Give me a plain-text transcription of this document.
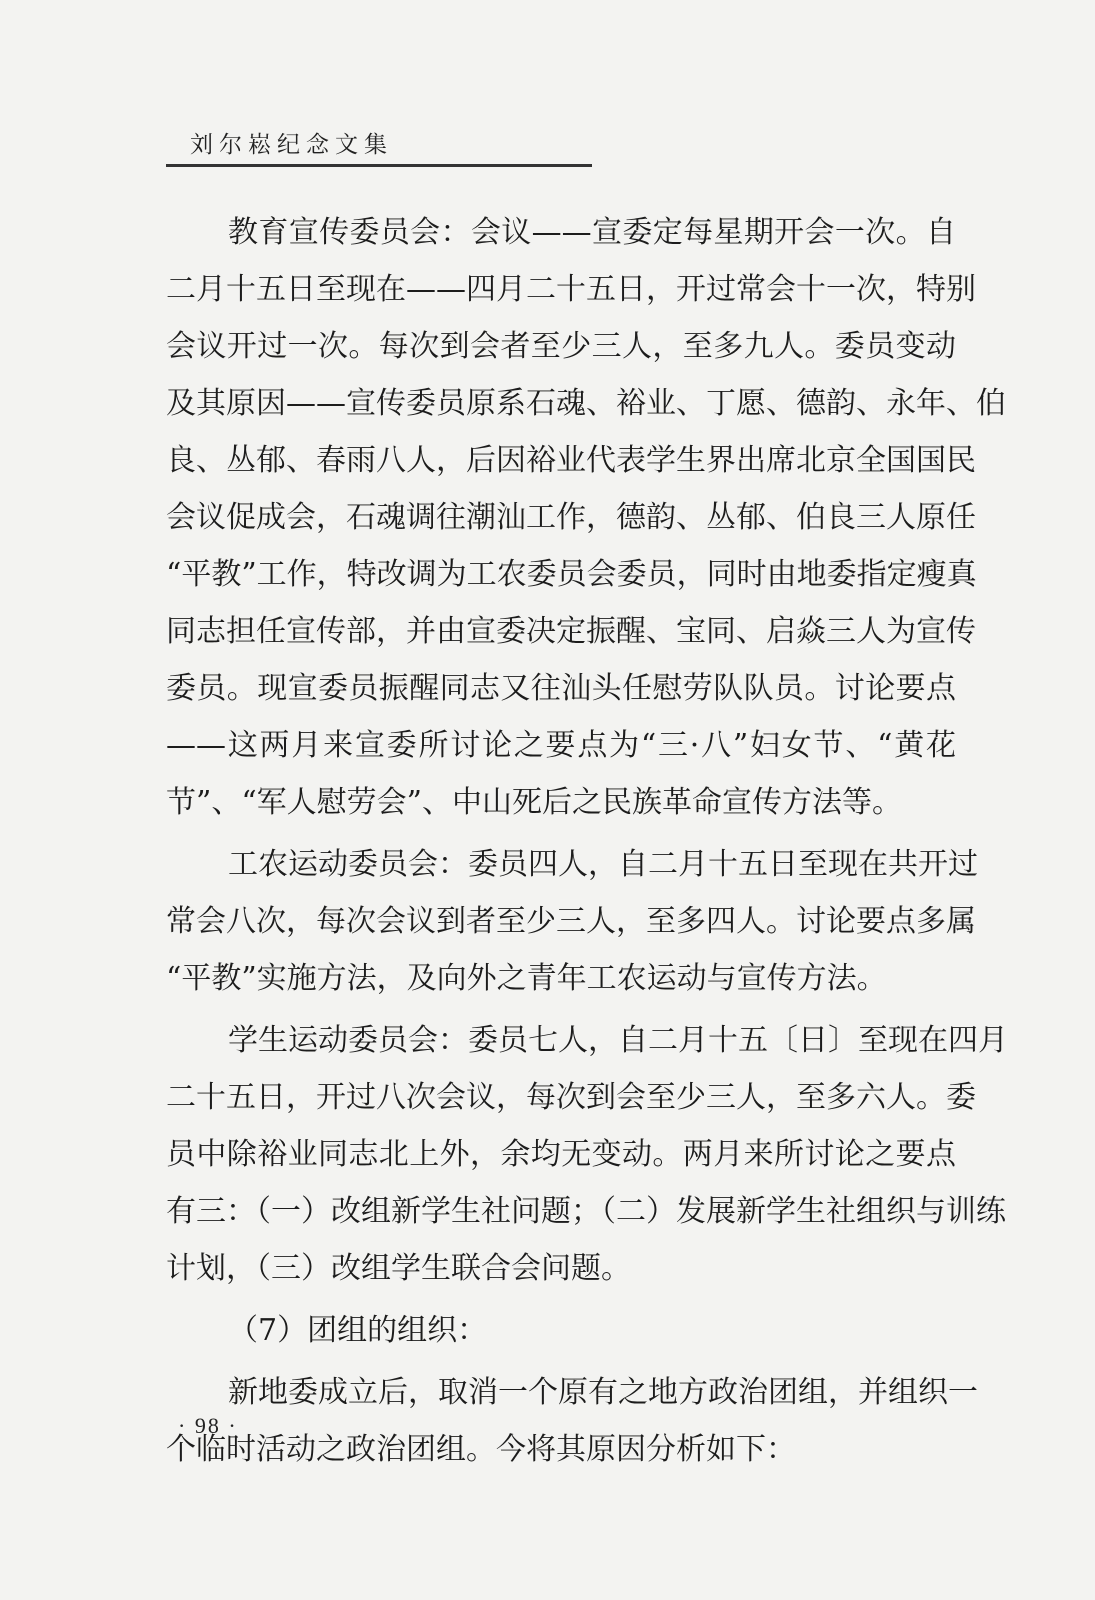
刘尔崧纪念文集
教育宣传委员会：会议——宣委定每星期开会一次。自
二月十五日至现在——四月二十五日，开过常会十一次，特别
会议开过一次。每次到会者至少三人，至多九人。委员变动
及其原因——宣传委员原系石魂、裕业、丁愿、德韵、永年、伯
良、丛郁、春雨八人，后因裕业代表学生界出席北京全国国民
会议促成会，石魂调往潮汕工作，德韵、丛郁、伯良三人原任
“平教”工作，特改调为工农委员会委员，同时由地委指定瘦真
同志担任宣传部，并由宣委决定振醒、宝同、启焱三人为宣传
委员。现宣委员振醒同志又往汕头任慰劳队队员。讨论要点
——这两月来宣委所讨论之要点为“三·八”妇女节、“黄花
节”、“军人慰劳会”、中山死后之民族革命宣传方法等。
工农运动委员会：委员四人，自二月十五日至现在共开过
常会八次，每次会议到者至少三人，至多四人。讨论要点多属
“平教”实施方法，及向外之青年工农运动与宣传方法。
学生运动委员会：委员七人，自二月十五〔日〕至现在四月
二十五日，开过八次会议，每次到会至少三人，至多六人。委
员中除裕业同志北上外，余均无变动。两月来所讨论之要点
有三：（一）改组新学生社问题；（二）发展新学生社组织与训练
计划，（三）改组学生联合会问题。
（7）团组的组织：
新地委成立后，取消一个原有之地方政治团组，并组织一
个临时活动之政治团组。今将其原因分析如下：
· 98 ·
